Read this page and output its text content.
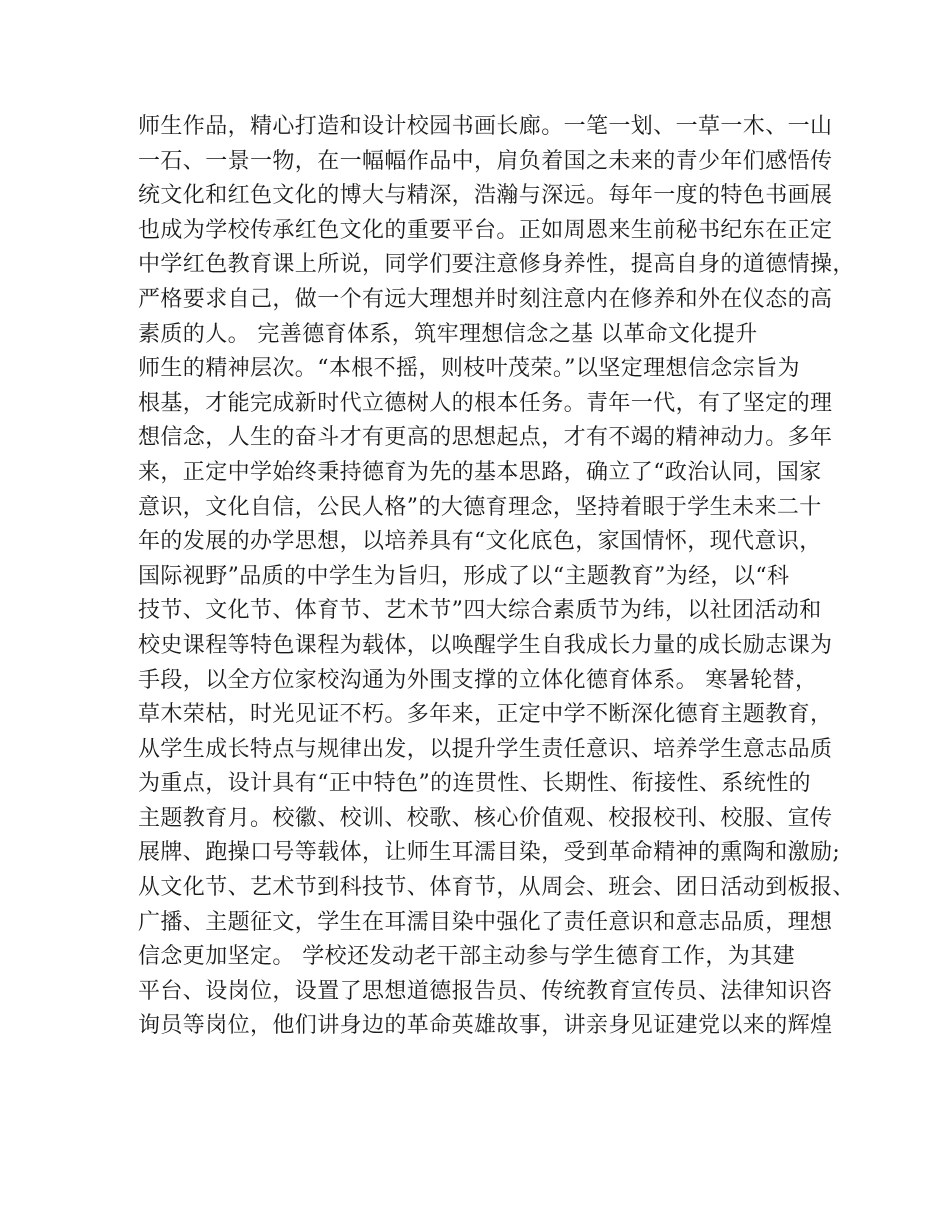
师生作品，精心打造和设计校园书画长廊。一笔一划、一草一木、一山
一石、一景一物，在一幅幅作品中，肩负着国之未来的青少年们感悟传
统文化和红色文化的博大与精深，浩瀚与深远。每年一度的特色书画展
也成为学校传承红色文化的重要平台。正如周恩来生前秘书纪东在正定
中学红色教育课上所说，同学们要注意修身养性，提高自身的道德情操，
严格要求自己，做一个有远大理想并时刻注意内在修养和外在仪态的高
素质的人。 完善德育体系，筑牢理想信念之基 以革命文化提升
师生的精神层次。“本根不摇，则枝叶茂荣。”以坚定理想信念宗旨为
根基，才能完成新时代立德树人的根本任务。青年一代，有了坚定的理
想信念，人生的奋斗才有更高的思想起点，才有不竭的精神动力。多年
来，正定中学始终秉持德育为先的基本思路，确立了“政治认同，国家
意识，文化自信，公民人格”的大德育理念，坚持着眼于学生未来二十
年的发展的办学思想，以培养具有“文化底色，家国情怀，现代意识，
国际视野”品质的中学生为旨归，形成了以“主题教育”为经，以“科
技节、文化节、体育节、艺术节”四大综合素质节为纬，以社团活动和
校史课程等特色课程为载体，以唤醒学生自我成长力量的成长励志课为
手段，以全方位家校沟通为外围支撑的立体化德育体系。 寒暑轮替，
草木荣枯，时光见证不朽。多年来，正定中学不断深化德育主题教育，
从学生成长特点与规律出发，以提升学生责任意识、培养学生意志品质
为重点，设计具有“正中特色”的连贯性、长期性、衔接性、系统性的
主题教育月。校徽、校训、校歌、核心价值观、校报校刊、校服、宣传
展牌、跑操口号等载体，让师生耳濡目染，受到革命精神的熏陶和激励;
从文化节、艺术节到科技节、体育节，从周会、班会、团日活动到板报、
广播、主题征文，学生在耳濡目染中强化了责任意识和意志品质，理想
信念更加坚定。 学校还发动老干部主动参与学生德育工作，为其建
平台、设岗位，设置了思想道德报告员、传统教育宣传员、法律知识咨
询员等岗位，他们讲身边的革命英雄故事，讲亲身见证建党以来的辉煌
